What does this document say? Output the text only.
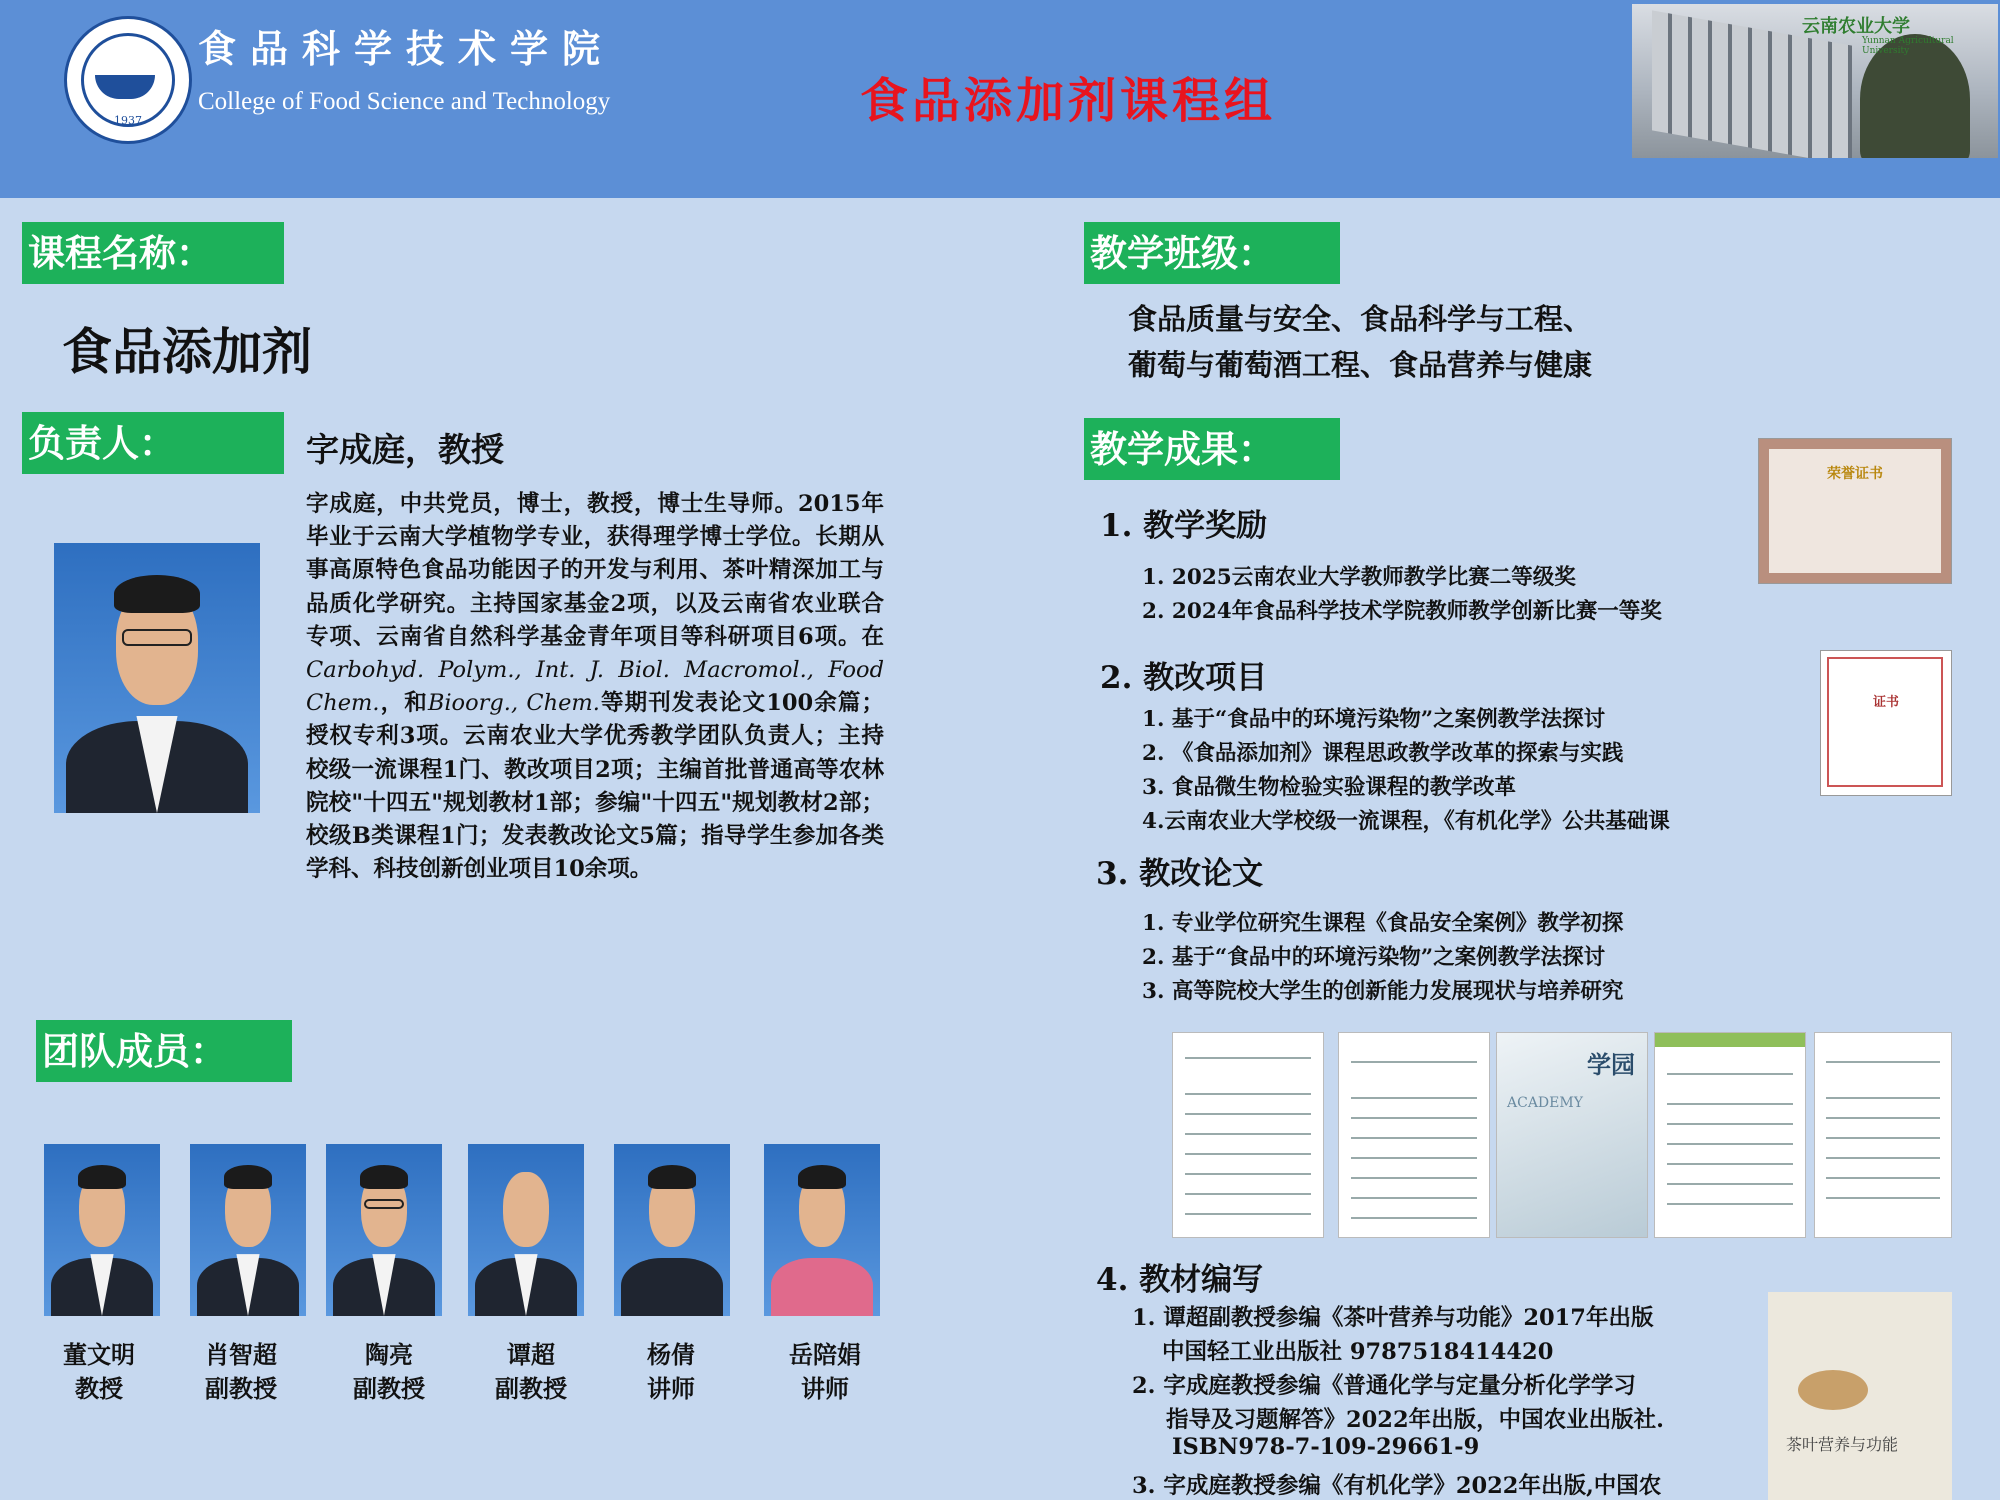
1937
食品科学技术学院
College of Food Science and Technology	食品添加剂课程组
云南农业大学
Yunnan Agricultural University
课程名称：
食品添加剂
负责人：	字成庭，教授
字成庭，中共党员，博士，教授，博士生导师。2015年毕业于云南大学植物学专业，获得理学博士学位。长期从事高原特色食品功能因子的开发与利用、茶叶精深加工与品质化学研究。主持国家基金2项，以及云南省农业联合专项、云南省自然科学基金青年项目等科研项目6项。在Carbohyd. Polym., Int. J. Biol. Macromol., Food Chem.，和Bioorg., Chem.等期刊发表论文100余篇；授权专利3项。云南农业大学优秀教学团队负责人；主持校级一流课程1门、教改项目2项；主编首批普通高等农林院校"十四五"规划教材1部；参编"十四五"规划教材2部；校级B类课程1门；发表教改论文5篇；指导学生参加各类学科、科技创新创业项目10余项。
团队成员：
董文明
教授
肖智超
副教授
陶亮
副教授
谭超
副教授
杨倩
讲师
岳陪娟
讲师
教学班级：
食品质量与安全、食品科学与工程、
葡萄与葡萄酒工程、食品营养与健康
教学成果：
荣誉证书
1. 教学奖励
1. 2025云南农业大学教师教学比赛二等级奖
2. 2024年食品科学技术学院教师教学创新比赛一等奖
证书
2. 教改项目
1. 基于“食品中的环境污染物”之案例教学法探讨
2. 《食品添加剂》课程思政教学改革的探索与实践
3. 食品微生物检验实验课程的教学改革
4.云南农业大学校级一流课程，《有机化学》公共基础课
3. 教改论文
1. 专业学位研究生课程《食品安全案例》教学初探
2. 基于“食品中的环境污染物”之案例教学法探讨
3. 高等院校大学生的创新能力发展现状与培养研究
学园
ACADEMY
4. 教材编写
茶叶营养与功能
1. 谭超副教授参编《茶叶营养与功能》2017年出版
中国轻工业出版社 9787518414420
2. 字成庭教授参编《普通化学与定量分析化学学习
指导及习题解答》2022年出版，中国农业出版社.
ISBN978-7-109-29661-9
3. 字成庭教授参编《有机化学》2022年出版,中国农
